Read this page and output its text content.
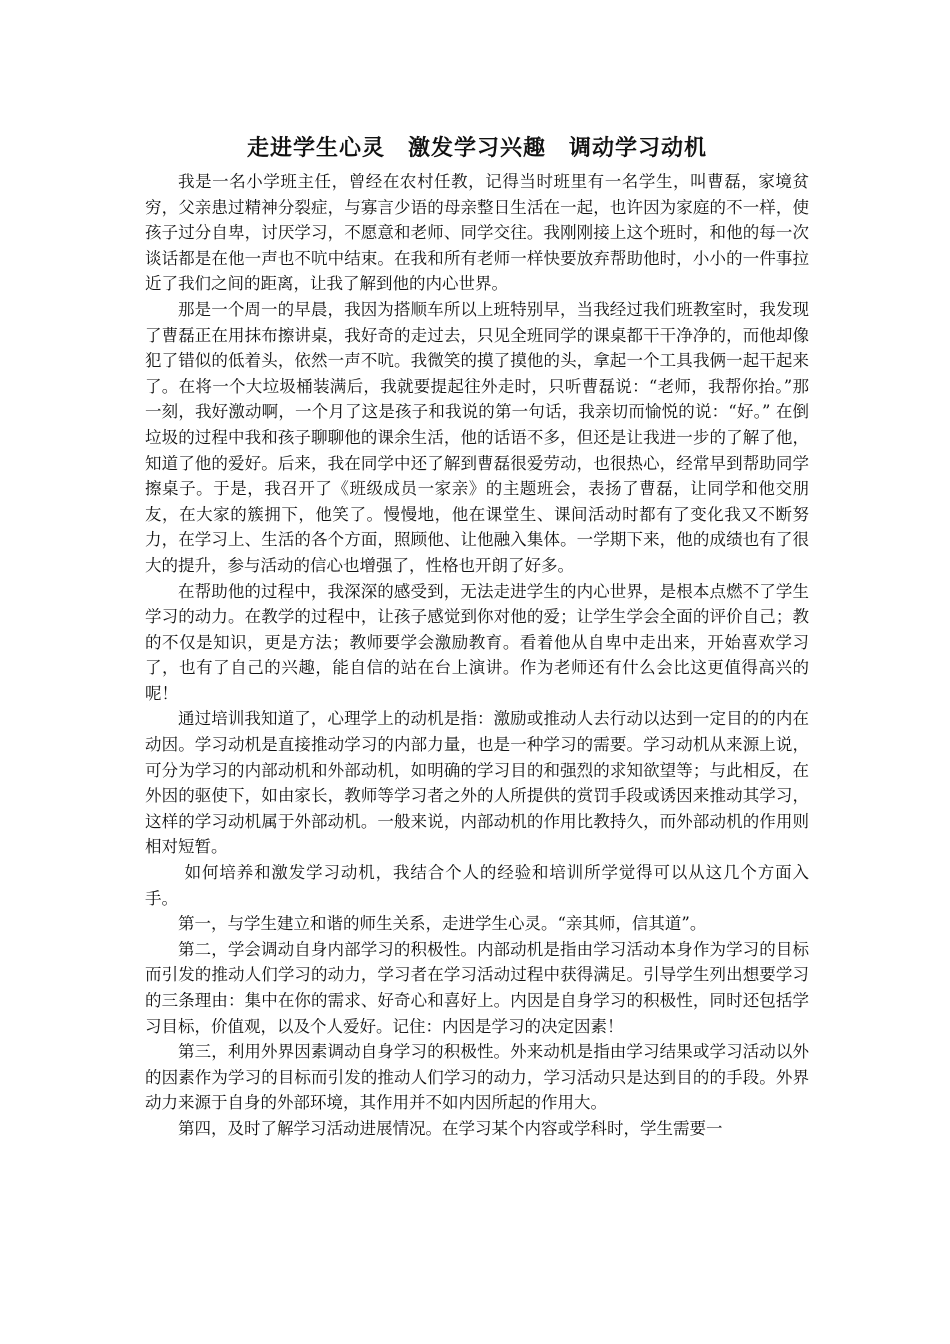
走进学生心灵　激发学习兴趣　调动学习动机

我是一名小学班主任，曾经在农村任教，记得当时班里有一名学生，叫曹磊，家境贫穷，父亲患过精神分裂症，与寡言少语的母亲整日生活在一起，也许因为家庭的不一样，使孩子过分自卑，讨厌学习，不愿意和老师、同学交往。我刚刚接上这个班时，和他的每一次谈话都是在他一声也不吭中结束。在我和所有老师一样快要放弃帮助他时，小小的一件事拉近了我们之间的距离，让我了解到他的内心世界。

那是一个周一的早晨，我因为搭顺车所以上班特别早，当我经过我们班教室时，我发现了曹磊正在用抹布擦讲桌，我好奇的走过去，只见全班同学的课桌都干干净净的，而他却像犯了错似的低着头，依然一声不吭。我微笑的摸了摸他的头，拿起一个工具我俩一起干起来了。在将一个大垃圾桶装满后，我就要提起往外走时，只听曹磊说：“老师，我帮你抬。”那一刻，我好激动啊，一个月了这是孩子和我说的第一句话，我亲切而愉悦的说：“好。” 在倒垃圾的过程中我和孩子聊聊他的课余生活，他的话语不多，但还是让我进一步的了解了他，知道了他的爱好。后来，我在同学中还了解到曹磊很爱劳动，也很热心，经常早到帮助同学擦桌子。于是，我召开了《班级成员一家亲》的主题班会，表扬了曹磊，让同学和他交朋友，在大家的簇拥下，他笑了。慢慢地，他在课堂生、课间活动时都有了变化我又不断努力，在学习上、生活的各个方面，照顾他、让他融入集体。一学期下来，他的成绩也有了很大的提升，参与活动的信心也增强了，性格也开朗了好多。

在帮助他的过程中，我深深的感受到，无法走进学生的内心世界，是根本点燃不了学生学习的动力。在教学的过程中，让孩子感觉到你对他的爱；让学生学会全面的评价自己；教的不仅是知识，更是方法；教师要学会激励教育。看着他从自卑中走出来，开始喜欢学习了，也有了自己的兴趣，能自信的站在台上演讲。作为老师还有什么会比这更值得高兴的呢！

通过培训我知道了，心理学上的动机是指：激励或推动人去行动以达到一定目的的内在动因。学习动机是直接推动学习的内部力量，也是一种学习的需要。学习动机从来源上说，可分为学习的内部动机和外部动机，如明确的学习目的和强烈的求知欲望等；与此相反，在外因的驱使下，如由家长，教师等学习者之外的人所提供的赏罚手段或诱因来推动其学习，这样的学习动机属于外部动机。一般来说，内部动机的作用比教持久，而外部动机的作用则相对短暂。

如何培养和激发学习动机，我结合个人的经验和培训所学觉得可以从这几个方面入手。

第一，与学生建立和谐的师生关系，走进学生心灵。“亲其师，信其道”。

第二，学会调动自身内部学习的积极性。内部动机是指由学习活动本身作为学习的目标而引发的推动人们学习的动力，学习者在学习活动过程中获得满足。引导学生列出想要学习的三条理由：集中在你的需求、好奇心和喜好上。内因是自身学习的积极性，同时还包括学习目标，价值观，以及个人爱好。记住：内因是学习的决定因素！

第三，利用外界因素调动自身学习的积极性。外来动机是指由学习结果或学习活动以外的因素作为学习的目标而引发的推动人们学习的动力，学习活动只是达到目的的手段。外界动力来源于自身的外部环境，其作用并不如内因所起的作用大。

第四，及时了解学习活动进展情况。在学习某个内容或学科时，学生需要一
